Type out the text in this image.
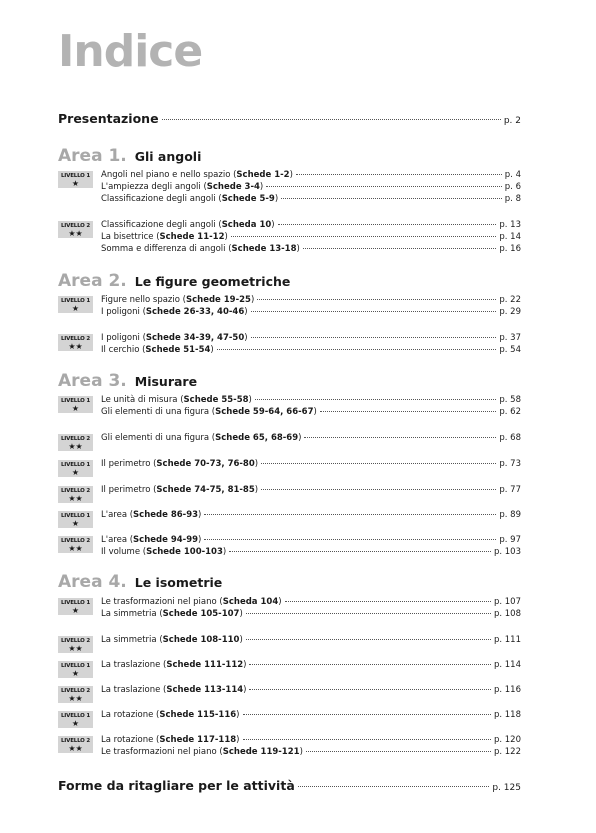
Indice
Presentazione	p. 2
Area 1. Gli angoli
LIVELLO 1
★
Angoli nel piano e nello spazio (Schede 1-2)	p. 4
L'ampiezza degli angoli (Schede 3-4)	p. 6
Classificazione degli angoli (Schede 5-9)	p. 8
LIVELLO 2
★★
Classificazione degli angoli (Scheda 10)	p. 13
La bisettrice (Schede 11-12)	p. 14
Somma e differenza di angoli (Schede 13-18)	p. 16
Area 2. Le figure geometriche
LIVELLO 1
★
Figure nello spazio (Schede 19-25)	p. 22
I poligoni (Schede 26-33, 40-46)	p. 29
LIVELLO 2
★★
I poligoni (Schede 34-39, 47-50)	p. 37
Il cerchio (Schede 51-54)	p. 54
Area 3. Misurare
LIVELLO 1
★
Le unità di misura (Schede 55-58)	p. 58
Gli elementi di una figura (Schede 59-64, 66-67)	p. 62
LIVELLO 2
★★
Gli elementi di una figura (Schede 65, 68-69)	p. 68
LIVELLO 1
★
Il perimetro (Schede 70-73, 76-80)	p. 73
LIVELLO 2
★★
Il perimetro (Schede 74-75, 81-85)	p. 77
LIVELLO 1
★
L'area (Schede 86-93)	p. 89
LIVELLO 2
★★
L'area (Schede 94-99)	p. 97
Il volume (Schede 100-103)	p. 103
Area 4. Le isometrie
LIVELLO 1
★
Le trasformazioni nel piano (Scheda 104)	p. 107
La simmetria (Schede 105-107)	p. 108
LIVELLO 2
★★
La simmetria (Schede 108-110)	p. 111
LIVELLO 1
★
La traslazione (Schede 111-112)	p. 114
LIVELLO 2
★★
La traslazione (Schede 113-114)	p. 116
LIVELLO 1
★
La rotazione (Schede 115-116)	p. 118
LIVELLO 2
★★
La rotazione (Schede 117-118)	p. 120
Le trasformazioni nel piano (Schede 119-121)	p. 122
Forme da ritagliare per le attività	p. 125
